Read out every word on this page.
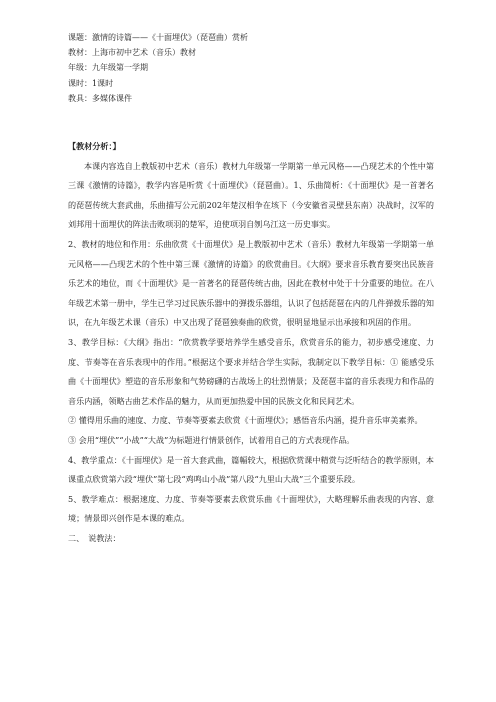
课题：激情的诗篇——《十面埋伏》（琵琶曲）赏析
教材：上海市初中艺术（音乐）教材
年级：九年级第一学期
课时：1课时
教具：多媒体课件

【教材分析：】

本课内容选自上教版初中艺术（音乐）教材九年级第一学期第一单元风格——凸现艺术的个性中第三课《激情的诗篇》，教学内容是听赏《十面埋伏》（琵琶曲）。1、乐曲简析：《十面埋伏》是一首著名的琵琶传统大套武曲，乐曲描写公元前202年楚汉相争在垓下（今安徽省灵壁县东南）决战时，汉军的刘邦用十面埋伏的阵法击败项羽的楚军，迫使项羽自刎乌江这一历史事实。

2、教材的地位和作用：乐曲欣赏《十面埋伏》是上教版初中艺术（音乐）教材九年级第一学期第一单元风格——凸现艺术的个性中第三课《激情的诗篇》的欣赏曲目。《大纲》要求音乐教育要突出民族音乐艺术的地位，而《十面埋伏》是一首著名的琵琶传统古曲，因此在教材中处于十分重要的地位。在八年级艺术第一册中，学生已学习过民族乐器中的弹拨乐器组，认识了包括琵琶在内的几件弹拨乐器的知识，在九年级艺术课（音乐）中又出现了琵琶独奏曲的欣赏，很明显地显示出承接和巩固的作用。

3、教学目标：《大纲》指出：“欣赏教学要培养学生感受音乐，欣赏音乐的能力，初步感受速度、力度、节奏等在音乐表现中的作用。”根据这个要求并结合学生实际，我制定以下教学目标：① 能感受乐曲《十面埋伏》塑造的音乐形象和气势磅礴的古战场上的壮烈情景；及琵琶丰富的音乐表现力和作品的音乐内涵，领略古曲艺术作品的魅力，从而更加热爱中国的民族文化和民间艺术。

② 懂得用乐曲的速度、力度、节奏等要素去欣赏《十面埋伏》；感悟音乐内涵，提升音乐审美素养。

③ 会用“埋伏”“小战”“大战”为标题进行情景创作，试着用自己的方式表现作品。

4、教学重点：《十面埋伏》是一首大套武曲，篇幅较大，根据欣赏课中精赏与泛听结合的教学原则，本课重点欣赏第六段“埋伏”第七段“鸡鸣山小战”第八段“九里山大战”三个重要乐段。

5、教学难点：根据速度、力度、节奏等要素去欣赏乐曲《十面埋伏》，大略理解乐曲表现的内容、意境；情景即兴创作是本课的难点。

二、　说教法：
